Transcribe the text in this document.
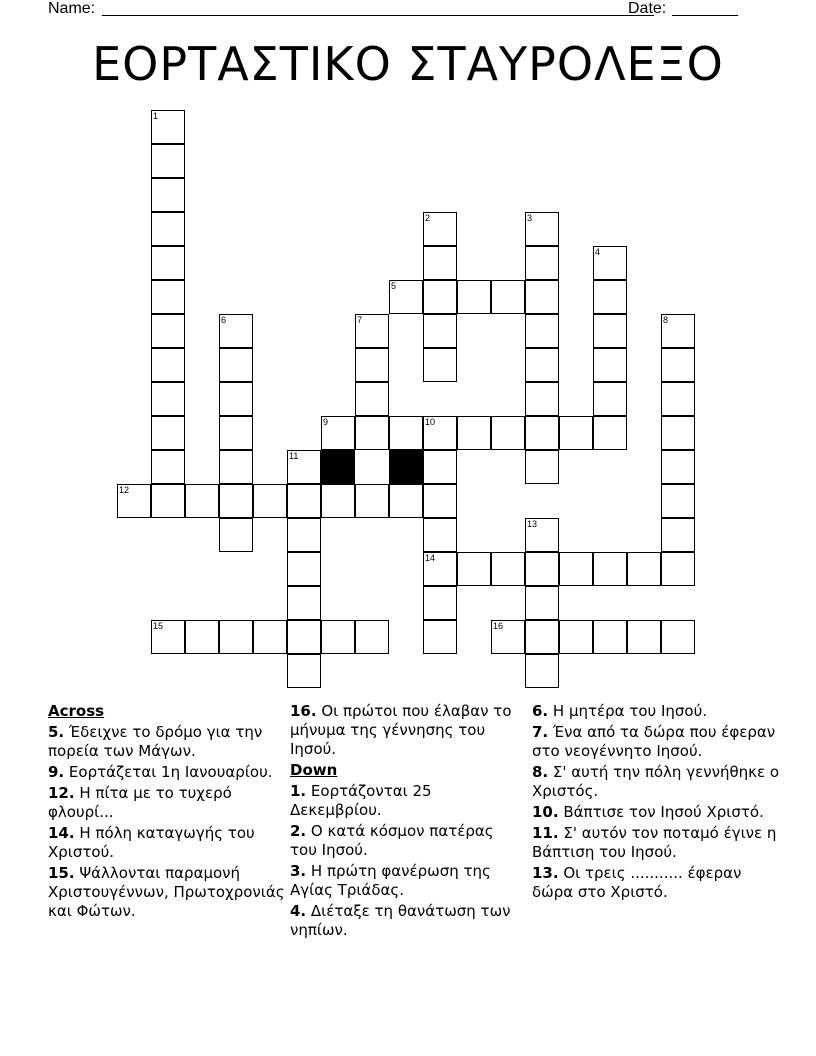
Name:	Date:
ΕΟΡΤΑΣΤΙΚΟ ΣΤΑΥΡΟΛΕΞΟ
1
2	3
4
5
6	7	8
9	10
11
12
13
14
15	16
Across
5. Έδειχνε το δρόμο για την πορεία των Μάγων.
9. Εορτάζεται 1η Ιανουαρίου.
12. Η πίτα με το τυχερό φλουρί...
14. Η πόλη καταγωγής του Χριστού.
15. Ψάλλονται παραμονή Χριστουγέννων, Πρωτοχρονιάς και Φώτων.
16. Οι πρώτοι που έλαβαν το μήνυμα της γέννησης του Ιησού.
Down
1. Εορτάζονται 25 Δεκεμβρίου.
2. Ο κατά κόσμον πατέρας του Ιησού.
3. Η πρώτη φανέρωση της Αγίας Τριάδας.
4. Διέταξε τη θανάτωση των νηπίων.
6. Η μητέρα του Ιησού.
7. Ένα από τα δώρα που έφεραν στο νεογέννητο Ιησού.
8. Σ' αυτή την πόλη γεννήθηκε ο Χριστός.
10. Βάπτισε τον Ιησού Χριστό.
11. Σ' αυτόν τον ποταμό έγινε η Βάπτιση του Ιησού.
13. Οι τρεις ........... έφεραν δώρα στο Χριστό.
